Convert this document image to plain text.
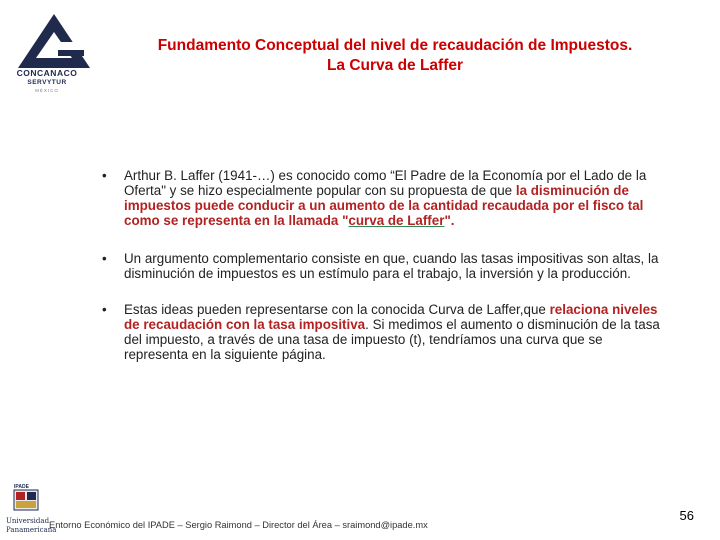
CONCANACO
SERVYTUR
MÉXICO
Fundamento Conceptual del nivel de recaudación de Impuestos.
La Curva de Laffer
• Arthur B. Laffer (1941-…) es conocido como “El Padre de la Economía por el Lado de la Oferta" y se hizo especialmente popular con su propuesta de que la disminución de impuestos puede conducir a un aumento de la cantidad recaudada por el fisco tal como se representa en la llamada "curva de Laffer".
• Un argumento complementario consiste en que, cuando las tasas impositivas son altas, la disminución de impuestos es un estímulo para el trabajo, la inversión y la producción.
• Estas ideas pueden representarse con la conocida Curva de Laffer,que relaciona niveles de recaudación con la tasa impositiva. Si medimos el aumento o disminución de la tasa del impuesto, a través de una tasa de impuesto (t), tendríamos una curva que se representa en la siguiente página.
IPADE
Universidad
Panamericana
Entorno Económico del IPADE – Sergio Raimond – Director del Área – sraimond@ipade.mx
56
